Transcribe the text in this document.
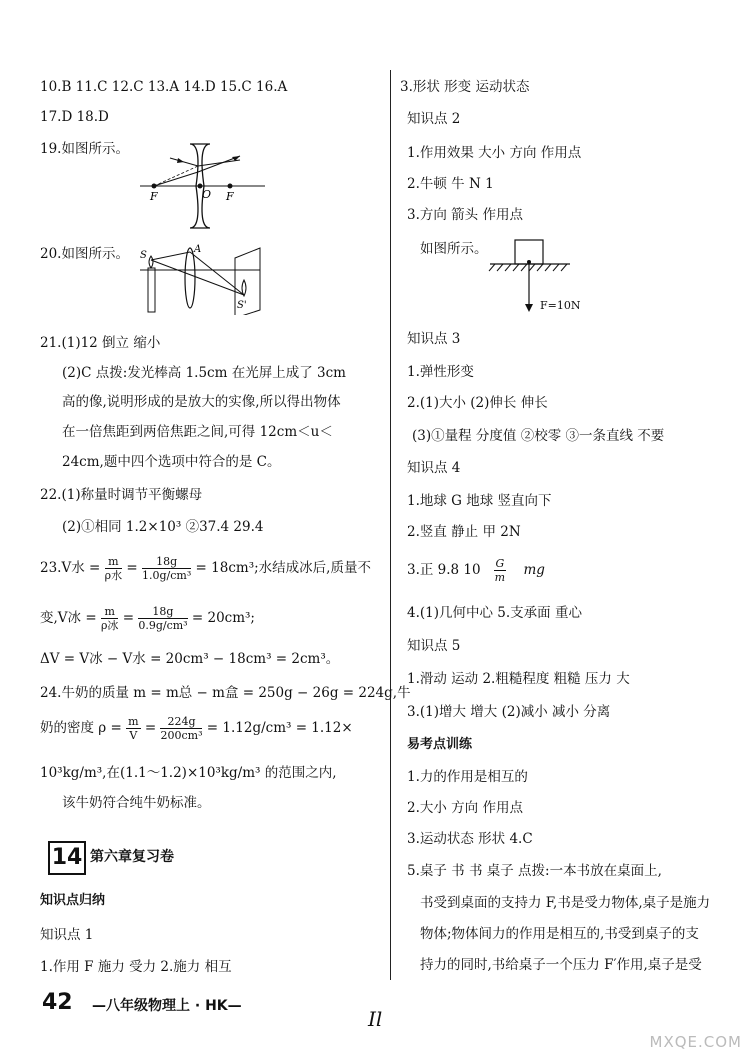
10.B 11.C 12.C 13.A 14.D 15.C 16.A
17.D 18.D
19.如图所示。
F	O F
20.如图所示。 S
A
S'
21.(1)12 倒立 缩小
(2)C 点拨:发光棒高 1.5cm 在光屏上成了 3cm
高的像,说明形成的是放大的实像,所以得出物体
在一倍焦距到两倍焦距之间,可得 12cm＜u＜
24cm,题中四个选项中符合的是 C。
22.(1)称量时调节平衡螺母
(2)①相同 1.2×10³ ②37.4 29.4
23.V水 = $\frac{m}{\text{ρ水}} = \frac{18g}{\text{1.0g/cm³}} = 18cm^3$;水结成冰后,质量不
变,V冰 = $\frac{m}{\text{ρ冰}} = \frac{18g}{\text{0.9g/cm³}} = 20cm^3$;
ΔV = V冰 − V水 = 20cm³ − 18cm³ = 2cm³。
24.牛奶的质量 m = m总 − m盒 = 250g − 26g = 224g,牛
奶的密度 $\rho = \frac{m}{V} = \frac{224g}{\text{200cm³}} = 1.12g/cm^3 = 1.12\times$
10³kg/m³,在(1.1～1.2)×10³kg/m³ 的范围之内,
该牛奶符合纯牛奶标准。
14 第六章复习卷
知识点归纳
知识点 1
1.作用 F 施力 受力 2.施力 相互
3.形状 形变 运动状态
知识点 2
1.作用效果 大小 方向 作用点
2.牛顿 牛 N 1
3.方向 箭头 作用点
如图所示。
F=10N
知识点 3
1.弹性形变
2.(1)大小 (2)伸长 伸长
(3)①量程 分度值 ②校零 ③一条直线 不要
知识点 4
1.地球 G 地球 竖直向下
2.竖直 静止 甲 2N
3.正 9.8 $10 \frac{G}{m}$ mg
4.(1)几何中心 5.支承面 重心
知识点 5
1.滑动 运动 2.粗糙程度 粗糙 压力 大
3.(1)增大 增大 (2)减小 减小 分离
易考点训练
1.力的作用是相互的
2.大小 方向 作用点
3.运动状态 形状 4.C
5.桌子 书 书 桌子 点拨:一本书放在桌面上,
书受到桌面的支持力 F,书是受力物体,桌子是施力
物体;物体间力的作用是相互的,书受到桌子的支
持力的同时,书给桌子一个压力 F′作用,桌子是受
42 —八年级物理上 · HK—
Il
MXQE.COM
